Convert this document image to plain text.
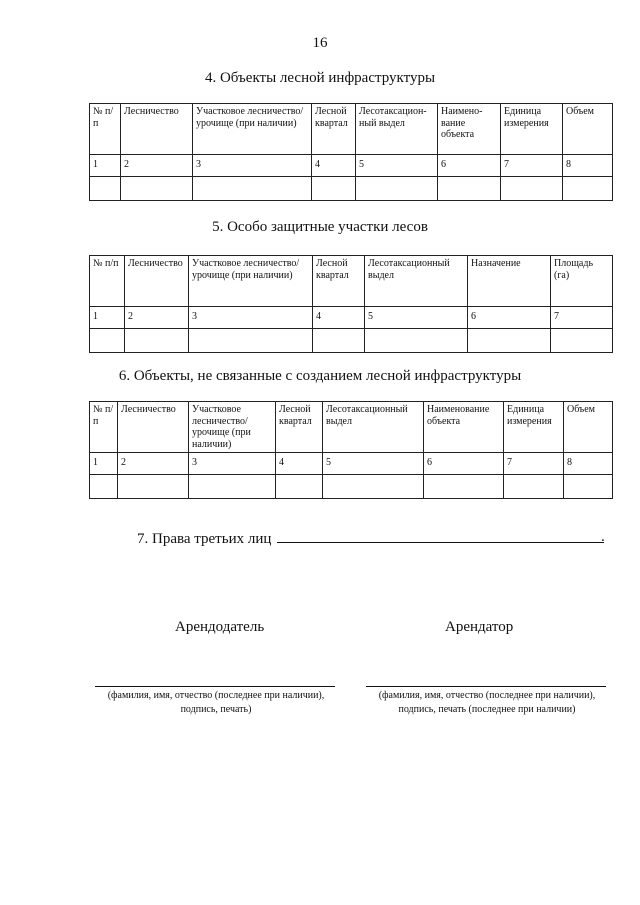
16
4. Объекты лесной инфраструктуры
№ п/п	Лесничество	Участковое лесничество/урочище (при наличии)	Лесной квартал	Лесотаксацион-ный выдел	Наимено-вание объекта	Единица измерения	Объем
1	2	3	4	5	6	7	8

5. Особо защитные участки лесов
№ п/п	Лесничество	Участковое лесничество/урочище (при наличии)	Лесной квартал	Лесотаксационный выдел	Назначение	Площадь (га)
1	2	3	4	5	6	7

6. Объекты, не связанные с созданием лесной инфраструктуры
№ п/п	Лесничество	Участковое лесничество/ урочище (при наличии)	Лесной квартал	Лесотаксационный выдел	Наименование объекта	Единица измерения	Объем
1	2	3	4	5	6	7	8

7. Права третьих лиц	.
Арендодатель	Арендатор
(фамилия, имя, отчество (последнее при наличии), подпись, печать)
(фамилия, имя, отчество (последнее при наличии), подпись, печать (последнее при наличии)
